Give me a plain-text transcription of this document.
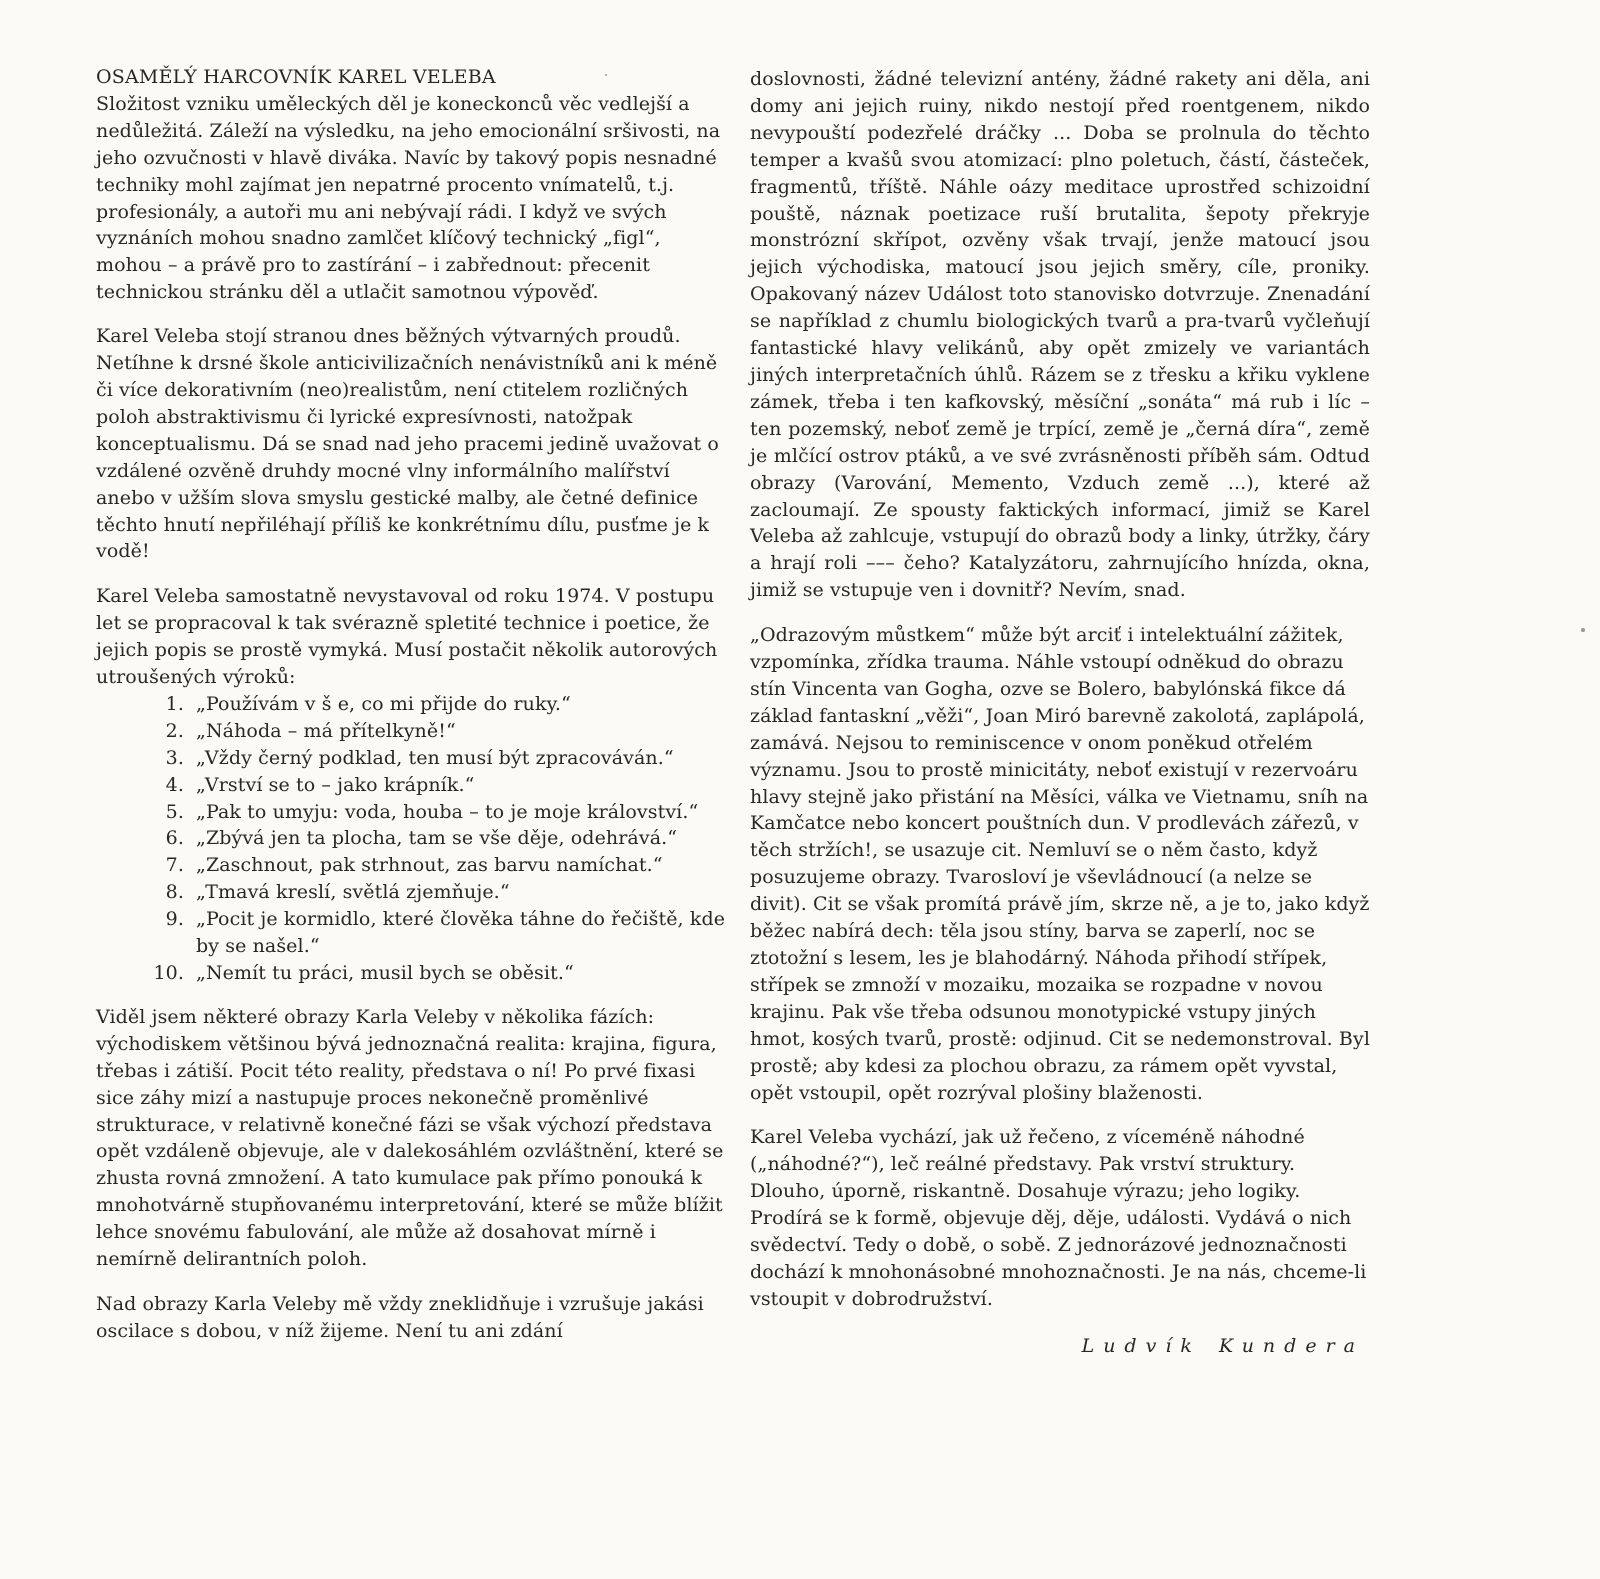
OSAMĚLÝ HARCOVNÍK KAREL VELEBA

Složitost vzniku uměleckých děl je koneckonců věc vedlejší a nedůležitá. Záleží na výsledku, na jeho emocionální sršivosti, na jeho ozvučnosti v hlavě diváka. Navíc by takový popis nesnadné techniky mohl zajímat jen nepatrné procento vnímatelů, t.j. profesionály, a autoři mu ani nebývají rádi. I když ve svých vyznáních mohou snadno zamlčet klíčový technický „figl“, mohou – a právě pro to zastírání – i zabřednout: přecenit technickou stránku děl a utlačit samotnou výpověď.

Karel Veleba stojí stranou dnes běžných výtvarných proudů. Netíhne k drsné škole anticivilizačních nenávistníků ani k méně či více dekorativním (neo)realistům, není ctitelem rozličných poloh abstraktivismu či lyrické expresívnosti, natožpak konceptualismu. Dá se snad nad jeho pracemi jedině uvažovat o vzdálené ozvěně druhdy mocné vlny informálního malířství anebo v užším slova smyslu gestické malby, ale četné definice těchto hnutí nepřiléhají příliš ke konkrétnímu dílu, pusťme je k vodě!

Karel Veleba samostatně nevystavoval od roku 1974. V postupu let se propracoval k tak svérazně spletité technice i poetice, že jejich popis se prostě vymyká. Musí postačit několik autorových utroušených výroků:

1. „Používám v š e, co mi přijde do ruky.“
2. „Náhoda – má přítelkyně!“
3. „Vždy černý podklad, ten musí být zpracováván.“
4. „Vrství se to – jako krápník.“
5. „Pak to umyju: voda, houba – to je moje království.“
6. „Zbývá jen ta plocha, tam se vše děje, odehrává.“
7. „Zaschnout, pak strhnout, zas barvu namíchat.“
8. „Tmavá kreslí, světlá zjemňuje.“
9. „Pocit je kormidlo, které člověka táhne do řečiště, kde by se našel.“
10. „Nemít tu práci, musil bych se oběsit.“

Viděl jsem některé obrazy Karla Veleby v několika fázích: východiskem většinou bývá jednoznačná realita: krajina, figura, třebas i zátiší. Pocit této reality, představa o ní! Po prvé fixasi sice záhy mizí a nastupuje proces nekonečně proměnlivé strukturace, v relativně konečné fázi se však výchozí představa opět vzdáleně objevuje, ale v dalekosáhlém ozvláštnění, které se zhusta rovná zmnožení. A tato kumulace pak přímo ponouká k mnohotvárně stupňovanému interpretování, které se může blížit lehce snovému fabulování, ale může až dosahovat mírně i nemírně delirantních poloh.

Nad obrazy Karla Veleby mě vždy zneklidňuje i vzrušuje jakási oscilace s dobou, v níž žijeme. Není tu ani zdání

doslovnosti, žádné televizní antény, žádné rakety ani děla, ani domy ani jejich ruiny, nikdo nestojí před roentgenem, nikdo nevypouští podezřelé dráčky ... Doba se prolnula do těchto temper a kvašů svou atomizací: plno poletuch, částí, částeček, fragmentů, tříště. Náhle oázy meditace uprostřed schizoidní pouště, náznak poetizace ruší brutalita, šepoty překryje monstrózní skřípot, ozvěny však trvají, jenže matoucí jsou jejich východiska, matoucí jsou jejich směry, cíle, proniky. Opakovaný název Událost toto stanovisko dotvrzuje. Znenadání se například z chumlu biologických tvarů a pra-tvarů vyčleňují fantastické hlavy velikánů, aby opět zmizely ve variantách jiných interpretačních úhlů. Rázem se z třesku a křiku vyklene zámek, třeba i ten kafkovský, měsíční „sonáta“ má rub i líc – ten pozemský, neboť země je trpící, země je „černá díra“, země je mlčící ostrov ptáků, a ve své zvrásněnosti příběh sám. Odtud obrazy (Varování, Memento, Vzduch země ...), které až zacloumají. Ze spousty faktických informací, jimiž se Karel Veleba až zahlcuje, vstupují do obrazů body a linky, útržky, čáry a hrají roli ––– čeho? Katalyzátoru, zahrnujícího hnízda, okna, jimiž se vstupuje ven i dovnitř? Nevím, snad.

„Odrazovým můstkem“ může být arciť i intelektuální zážitek, vzpomínka, zřídka trauma. Náhle vstoupí odněkud do obrazu stín Vincenta van Gogha, ozve se Bolero, babylónská fikce dá základ fantaskní „věži“, Joan Miró barevně zakolotá, zaplápolá, zamává. Nejsou to reminiscence v onom poněkud otřelém významu. Jsou to prostě minicitáty, neboť existují v rezervoáru hlavy stejně jako přistání na Měsíci, válka ve Vietnamu, sníh na Kamčatce nebo koncert pouštních dun. V prodlevách zářezů, v těch stržích!, se usazuje cit. Nemluví se o něm často, když posuzujeme obrazy. Tvarosloví je vševládnoucí (a nelze se divit). Cit se však promítá právě jím, skrze ně, a je to, jako když běžec nabírá dech: těla jsou stíny, barva se zaperlí, noc se ztotožní s lesem, les je blahodárný. Náhoda přihodí střípek, střípek se zmnoží v mozaiku, mozaika se rozpadne v novou krajinu. Pak vše třeba odsunou monotypické vstupy jiných hmot, kosých tvarů, prostě: odjinud. Cit se nedemonstroval. Byl prostě; aby kdesi za plochou obrazu, za rámem opět vyvstal, opět vstoupil, opět rozrýval plošiny blaženosti.

Karel Veleba vychází, jak už řečeno, z víceméně náhodné („náhodné?“), leč reálné představy. Pak vrství struktury. Dlouho, úporně, riskantně. Dosahuje výrazu; jeho logiky. Prodírá se k formě, objevuje děj, děje, události. Vydává o nich svědectví. Tedy o době, o sobě. Z jednorázové jednoznačnosti dochází k mnohonásobné mnohoznačnosti. Je na nás, chceme-li vstoupit v dobrodružství.

Ludvík Kundera
